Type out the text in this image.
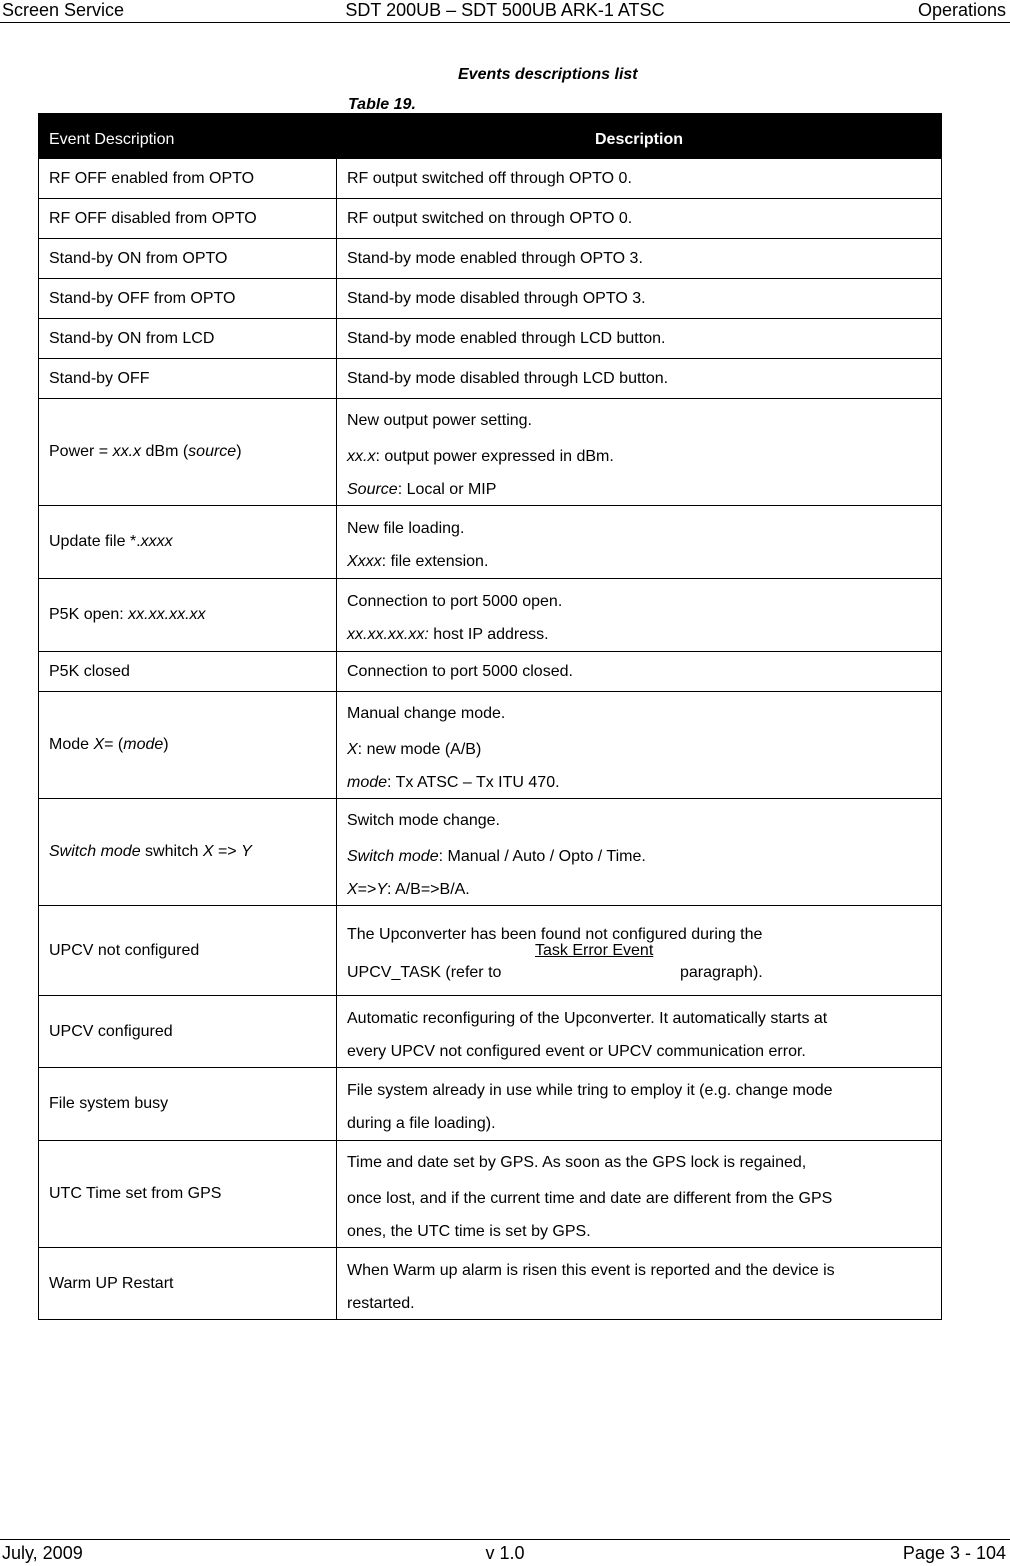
Screen Service	SDT 200UB – SDT 500UB ARK-1 ATSC	Operations
Events descriptions list
Table 19.
Event Description	Description
RF OFF enabled from OPTO	RF output switched off through OPTO 0.
RF OFF disabled from OPTO	RF output switched on through OPTO 0.
Stand-by ON from OPTO	Stand-by mode enabled through OPTO 3.
Stand-by OFF from OPTO	Stand-by mode disabled through OPTO 3.
Stand-by ON from LCD	Stand-by mode enabled through LCD button.
Stand-by OFF	Stand-by mode disabled through LCD button.
Power = xx.x dBm (source)	New output power setting.
xx.x: output power expressed in dBm.
Source: Local or MIP

Update file *.xxxx	New file loading.
Xxxx: file extension.

P5K open: xx.xx.xx.xx	Connection to port 5000 open.
xx.xx.xx.xx: host IP address.

P5K closed	Connection to port 5000 closed.
Mode X= (mode)	Manual change mode.
X: new mode (A/B)
mode: Tx ATSC – Tx ITU 470.

Switch mode swhitch X => Y	Switch mode change.
Switch mode: Manual / Auto / Opto / Time.
X=>Y: A/B=>B/A.

UPCV not configured	The Upconverter has been found not configured during the
UPCV_TASK (refer to
Task Error Event
paragraph).

UPCV configured	Automatic reconfiguring of the Upconverter. It automatically starts at
every UPCV not configured event or UPCV communication error.

File system busy	File system already in use while tring to employ it (e.g. change mode
during a file loading).

UTC Time set from GPS	Time and date set by GPS. As soon as the GPS lock is regained,
once lost, and if the current time and date are different from the GPS
ones, the UTC time is set by GPS.

Warm UP Restart	When Warm up alarm is risen this event is reported and the device is
restarted.
July, 2009	v 1.0	Page 3 - 104
